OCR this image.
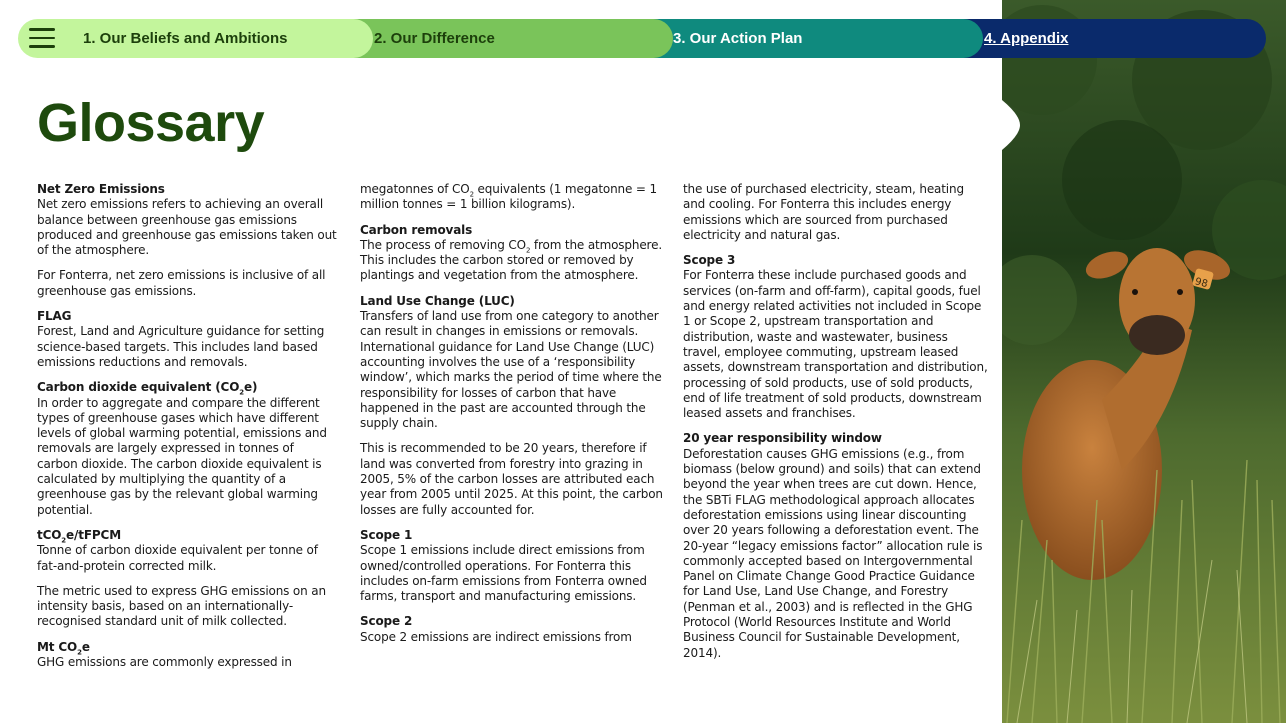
1. Our Beliefs and Ambitions	2. Our Difference	3. Our Action Plan	4. Appendix
Glossary
Net Zero Emissions

Net zero emissions refers to achieving an overall balance between greenhouse gas emissions produced and greenhouse gas emissions taken out of the atmosphere.

For Fonterra, net zero emissions is inclusive of all greenhouse gas emissions.

FLAG

Forest, Land and Agriculture guidance for setting science-based targets. This includes land based emissions reductions and removals.

Carbon dioxide equivalent $(CO_2e)$

In order to aggregate and compare the different types of greenhouse gases which have different levels of global warming potential, emissions and removals are largely expressed in tonnes of carbon dioxide. The carbon dioxide equivalent is calculated by multiplying the quantity of a greenhouse gas by the relevant global warming potential.

tCO$_2$e/tFPCM

Tonne of carbon dioxide equivalent per tonne of fat-and-protein corrected milk.

The metric used to express GHG emissions on an intensity basis, based on an internationally-recognised standard unit of milk collected.

Mt $CO_2e$

GHG emissions are commonly expressed in

megatonnes of $CO_2$ equivalents (1 megatonne = 1 million tonnes = 1 billion kilograms).

Carbon removals

The process of removing $CO_2$ from the atmosphere. This includes the carbon stored or removed by plantings and vegetation from the atmosphere.

Land Use Change (LUC)

Transfers of land use from one category to another can result in changes in emissions or removals. International guidance for Land Use Change (LUC) accounting involves the use of a ‘responsibility window’, which marks the period of time where the responsibility for losses of carbon that have happened in the past are accounted through the supply chain.

This is recommended to be 20 years, therefore if land was converted from forestry into grazing in 2005, 5% of the carbon losses are attributed each year from 2005 until 2025. At this point, the carbon losses are fully accounted for.

Scope 1

Scope 1 emissions include direct emissions from owned/controlled operations. For Fonterra this includes on-farm emissions from Fonterra owned farms, transport and manufacturing emissions.

Scope 2

Scope 2 emissions are indirect emissions from

the use of purchased electricity, steam, heating and cooling. For Fonterra this includes energy emissions which are sourced from purchased electricity and natural gas.

Scope 3

For Fonterra these include purchased goods and services (on-farm and off-farm), capital goods, fuel and energy related activities not included in Scope 1 or Scope 2, upstream transportation and distribution, waste and wastewater, business travel, employee commuting, upstream leased assets, downstream transportation and distribution, processing of sold products, use of sold products, end of life treatment of sold products, downstream leased assets and franchises.

20 year responsibility window

Deforestation causes GHG emissions (e.g., from biomass (below ground) and soils) that can extend beyond the year when trees are cut down. Hence, the SBTi FLAG methodological approach allocates deforestation emissions using linear discounting over 20 years following a deforestation event. The 20-year “legacy emissions factor” allocation rule is commonly accepted based on Intergovernmental Panel on Climate Change Good Practice Guidance for Land Use, Land Use Change, and Forestry (Penman et al., 2003) and is reflected in the GHG Protocol (World Resources Institute and World Business Council for Sustainable Development, 2014).

98
